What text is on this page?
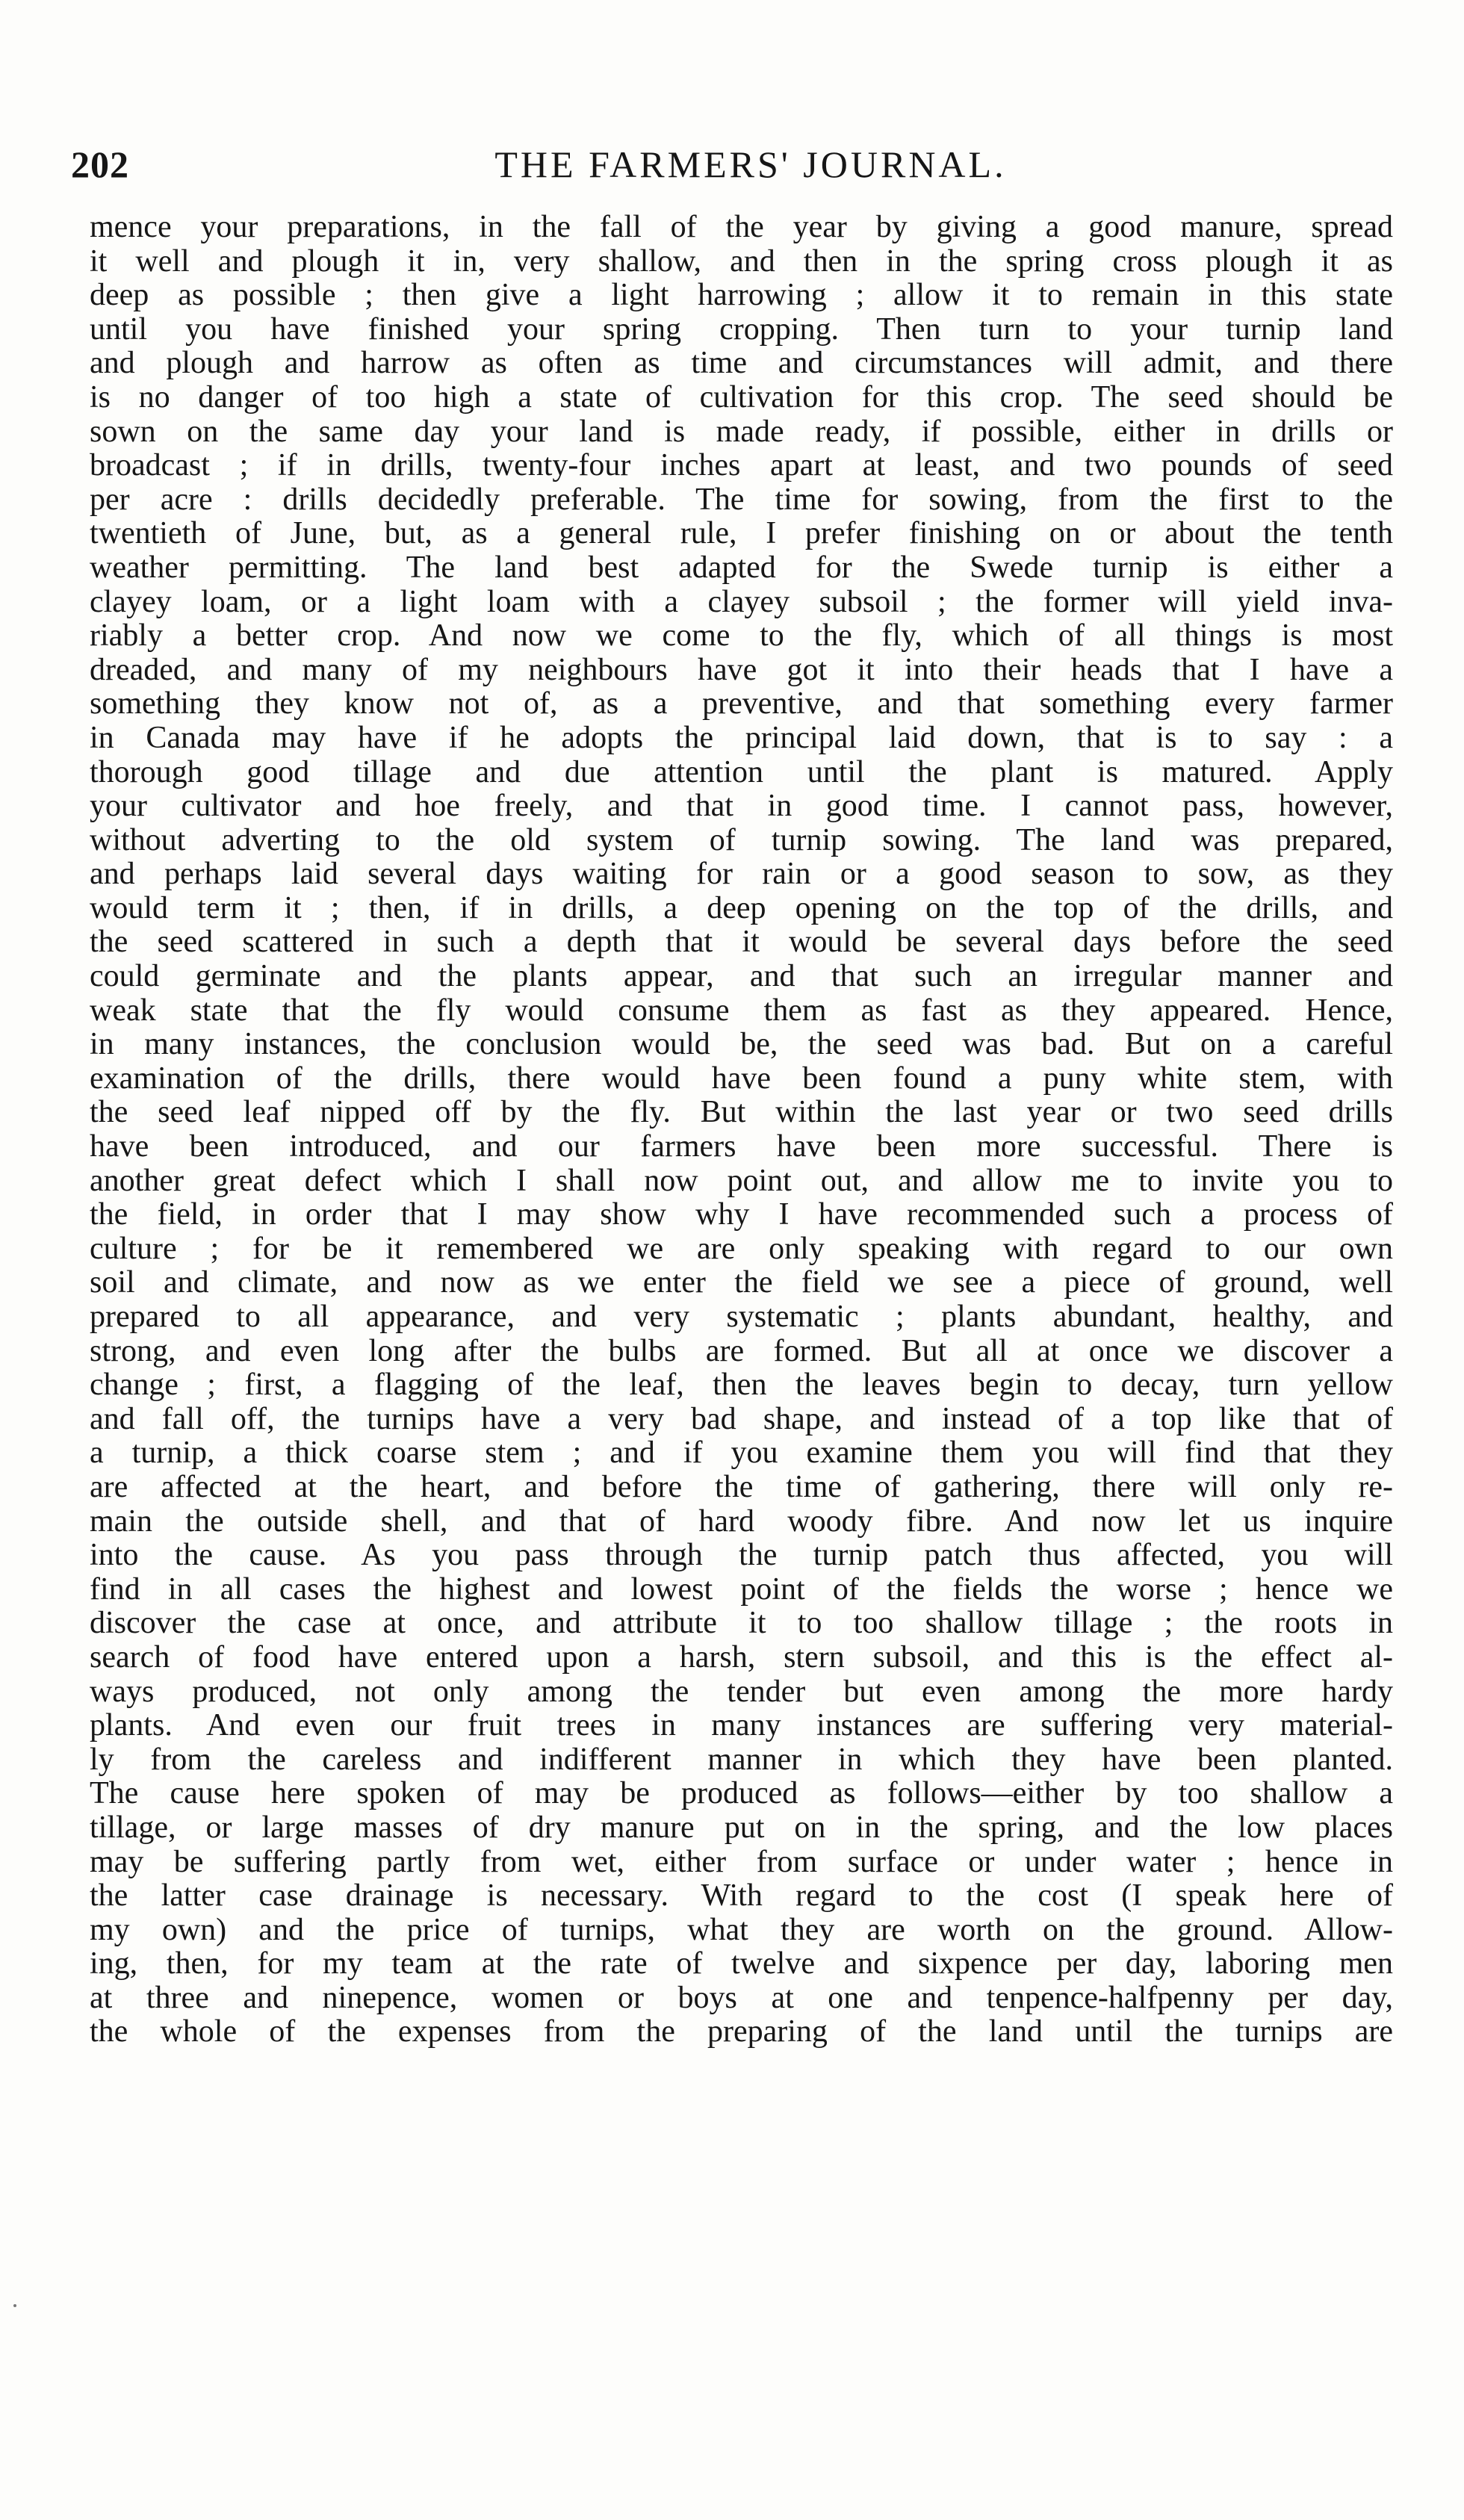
202	THE FARMERS' JOURNAL.
mence your preparations, in the fall of the year by giving a good manure, spread
it well and plough it in, very shallow, and then in the spring cross plough it as
deep as possible ; then give a light harrowing ; allow it to remain in this state
until you have finished your spring cropping. Then turn to your turnip land
and plough and harrow as often as time and circumstances will admit, and there
is no danger of too high a state of cultivation for this crop. The seed should be
sown on the same day your land is made ready, if possible, either in drills or
broadcast ; if in drills, twenty-four inches apart at least, and two pounds of seed
per acre : drills decidedly preferable. The time for sowing, from the first to the
twentieth of June, but, as a general rule, I prefer finishing on or about the tenth
weather permitting. The land best adapted for the Swede turnip is either a
clayey loam, or a light loam with a clayey subsoil ; the former will yield inva-
riably a better crop. And now we come to the fly, which of all things is most
dreaded, and many of my neighbours have got it into their heads that I have a
something they know not of, as a preventive, and that something every farmer
in Canada may have if he adopts the principal laid down, that is to say : a
thorough good tillage and due attention until the plant is matured. Apply
your cultivator and hoe freely, and that in good time. I cannot pass, however,
without adverting to the old system of turnip sowing. The land was prepared,
and perhaps laid several days waiting for rain or a good season to sow, as they
would term it ; then, if in drills, a deep opening on the top of the drills, and
the seed scattered in such a depth that it would be several days before the seed
could germinate and the plants appear, and that such an irregular manner and
weak state that the fly would consume them as fast as they appeared. Hence,
in many instances, the conclusion would be, the seed was bad. But on a careful
examination of the drills, there would have been found a puny white stem, with
the seed leaf nipped off by the fly. But within the last year or two seed drills
have been introduced, and our farmers have been more successful. There is
another great defect which I shall now point out, and allow me to invite you to
the field, in order that I may show why I have recommended such a process of
culture ; for be it remembered we are only speaking with regard to our own
soil and climate, and now as we enter the field we see a piece of ground, well
prepared to all appearance, and very systematic ; plants abundant, healthy, and
strong, and even long after the bulbs are formed. But all at once we discover a
change ; first, a flagging of the leaf, then the leaves begin to decay, turn yellow
and fall off, the turnips have a very bad shape, and instead of a top like that of
a turnip, a thick coarse stem ; and if you examine them you will find that they
are affected at the heart, and before the time of gathering, there will only re-
main the outside shell, and that of hard woody fibre. And now let us inquire
into the cause. As you pass through the turnip patch thus affected, you will
find in all cases the highest and lowest point of the fields the worse ; hence we
discover the case at once, and attribute it to too shallow tillage ; the roots in
search of food have entered upon a harsh, stern subsoil, and this is the effect al-
ways produced, not only among the tender but even among the more hardy
plants. And even our fruit trees in many instances are suffering very material-
ly from the careless and indifferent manner in which they have been planted.
The cause here spoken of may be produced as follows—either by too shallow a
tillage, or large masses of dry manure put on in the spring, and the low places
may be suffering partly from wet, either from surface or under water ; hence in
the latter case drainage is necessary. With regard to the cost (I speak here of
my own) and the price of turnips, what they are worth on the ground. Allow-
ing, then, for my team at the rate of twelve and sixpence per day, laboring men
at three and ninepence, women or boys at one and tenpence-halfpenny per day,
the whole of the expenses from the preparing of the land until the turnips are
